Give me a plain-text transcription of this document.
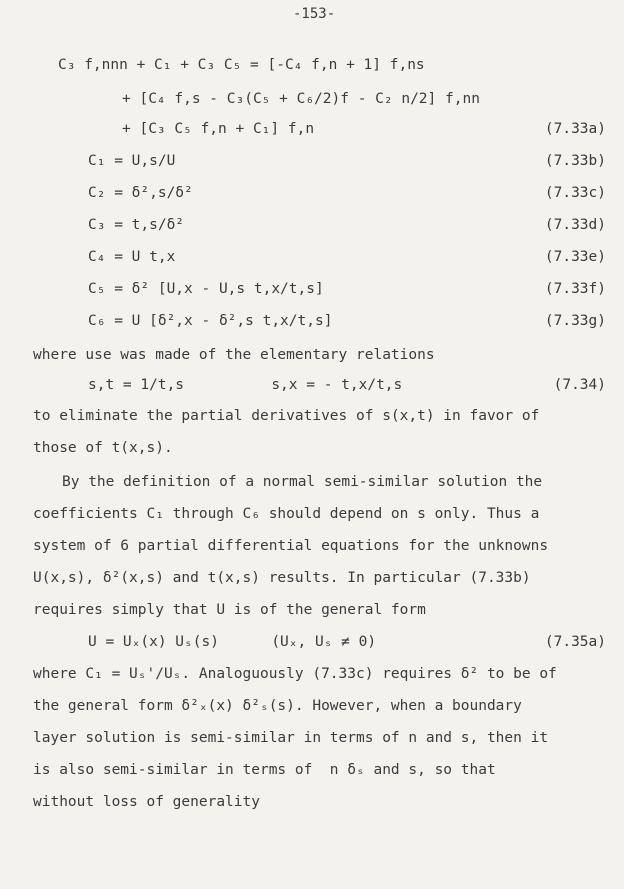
-153-
C₃ f,nnn + C₁ + C₃ C₅ = [-C₄ f,n + 1] f,ns
+ [C₄ f,s - C₃(C₅ + C₆/2)f - C₂ n/2] f,nn
+ [C₃ C₅ f,n + C₁] f,n	(7.33a)
C₁ = U,s/U	(7.33b)
C₂ = δ²,s/δ²	(7.33c)
C₃ = t,s/δ²	(7.33d)
C₄ = U t,x	(7.33e)
C₅ = δ² [U,x - U,s t,x/t,s]	(7.33f)
C₆ = U [δ²,x - δ²,s t,x/t,s]	(7.33g)
where use was made of the elementary relations
s,t = 1/t,s          s,x = - t,x/t,s	(7.34)
to eliminate the partial derivatives of s(x,t) in favor of
those of t(x,s).
By the definition of a normal semi-similar solution the
coefficients C₁ through C₆ should depend on s only. Thus a
system of 6 partial differential equations for the unknowns
U(x,s), δ²(x,s) and t(x,s) results. In particular (7.33b)
requires simply that U is of the general form
U = Uₓ(x) Uₛ(s)      (Uₓ, Uₛ ≠ 0)	(7.35a)
where C₁ = Uₛ'/Uₛ. Analoguously (7.33c) requires δ² to be of
the general form δ²ₓ(x) δ²ₛ(s). However, when a boundary
layer solution is semi-similar in terms of n and s, then it
is also semi-similar in terms of  n δₛ and s, so that
without loss of generality
